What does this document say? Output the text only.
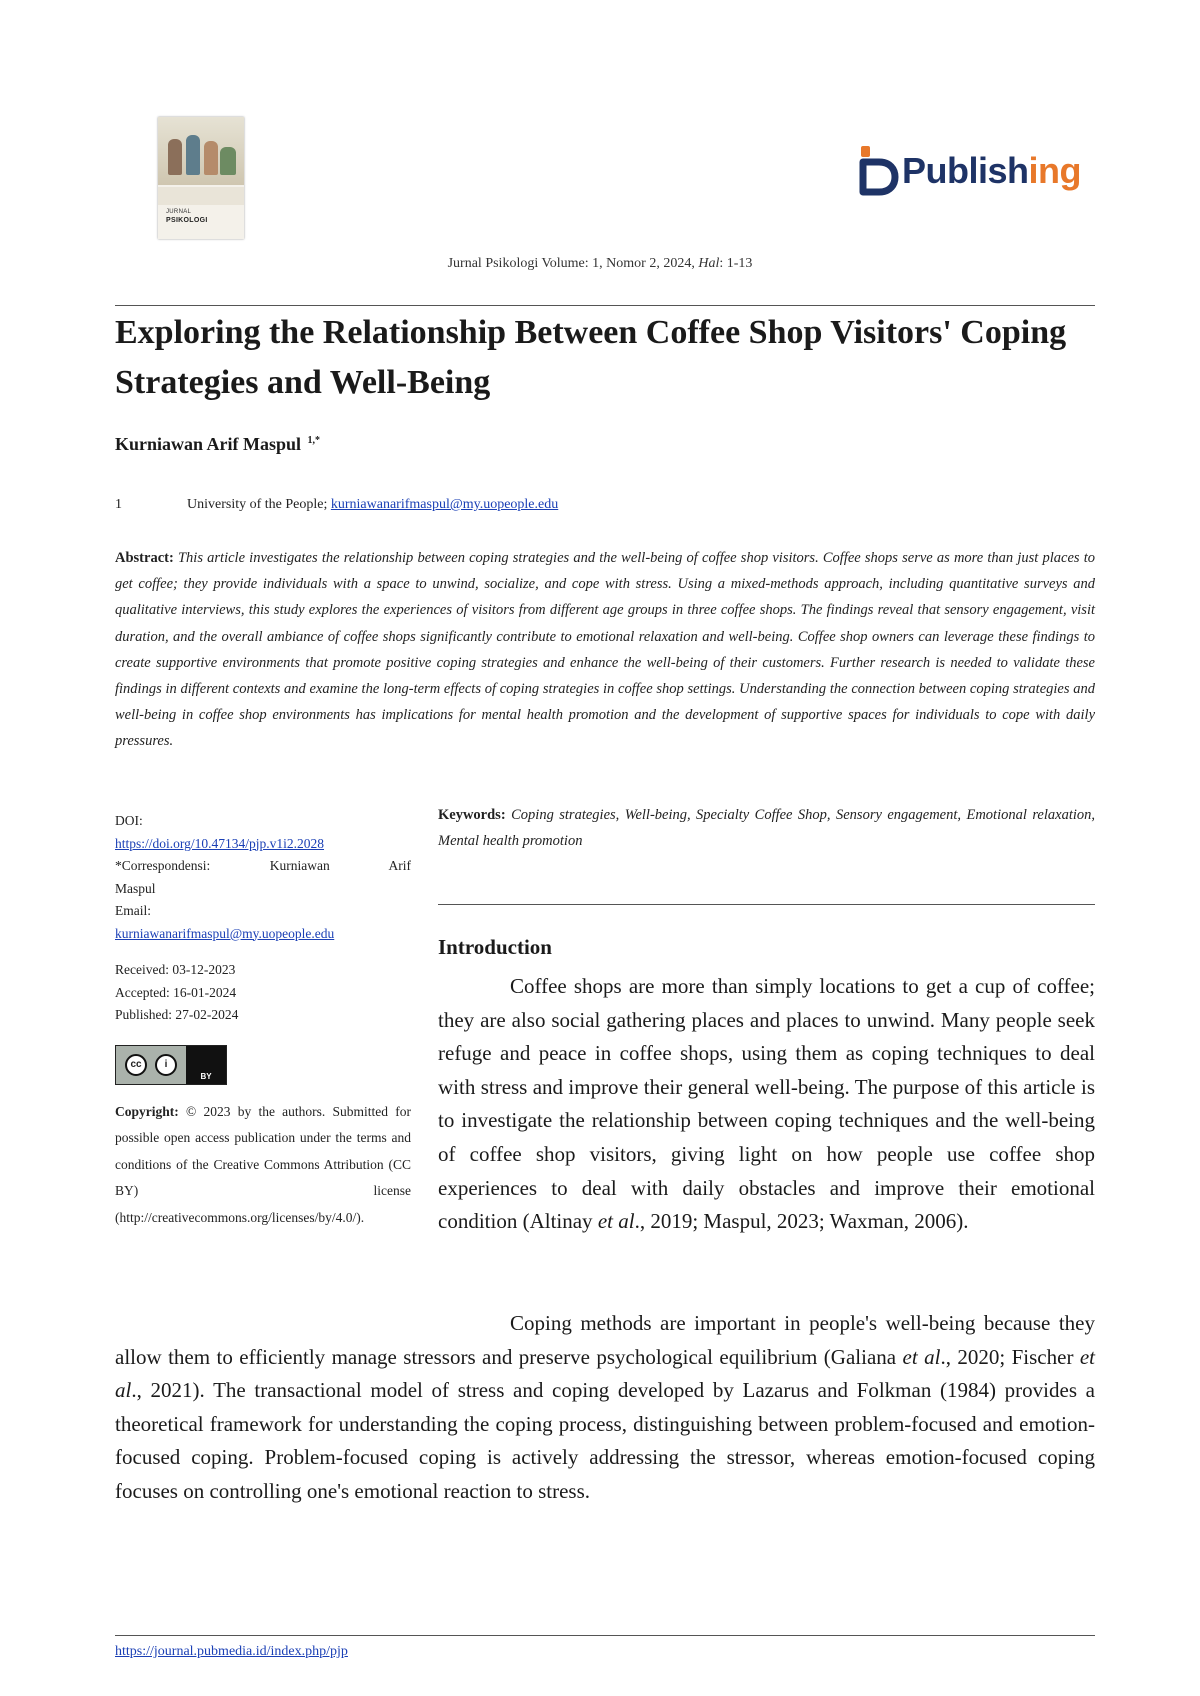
JURNAL
PSIKOLOGI
Publishing
Jurnal Psikologi Volume: 1, Nomor 2, 2024, Hal: 1-13
Exploring the Relationship Between Coffee Shop Visitors' Coping Strategies and Well-Being
Kurniawan Arif Maspul $^{1,*}$
1	University of the People; kurniawanarifmaspul@my.uopeople.edu

Abstract: This article investigates the relationship between coping strategies and the well-being of coffee shop visitors. Coffee shops serve as more than just places to get coffee; they provide individuals with a space to unwind, socialize, and cope with stress. Using a mixed-methods approach, including quantitative surveys and qualitative interviews, this study explores the experiences of visitors from different age groups in three coffee shops. The findings reveal that sensory engagement, visit duration, and the overall ambiance of coffee shops significantly contribute to emotional relaxation and well-being. Coffee shop owners can leverage these findings to create supportive environments that promote positive coping strategies and enhance the well-being of their customers. Further research is needed to validate these findings in different contexts and examine the long-term effects of coping strategies in coffee shop settings. Understanding the connection between coping strategies and well-being in coffee shop environments has implications for mental health promotion and the development of supportive spaces for individuals to cope with daily pressures.

DOI:
https://doi.org/10.47134/pjp.v1i2.2028
*Correspondensi: Kurniawan Arif
Maspul
Email:
kurniawanarifmaspul@my.uopeople.edu
Received: 03-12-2023
Accepted: 16-01-2024
Published: 27-02-2024
cc	i
BY
Copyright: © 2023 by the authors. Submitted for possible open access publication under the terms and conditions of the Creative Commons Attribution (CC BY) license (http://creativecommons.org/licenses/by/4.0/).

Keywords: Coping strategies, Well-being, Specialty Coffee Shop, Sensory engagement, Emotional relaxation, Mental health promotion

Introduction

Coffee shops are more than simply locations to get a cup of coffee; they are also social gathering places and places to unwind. Many people seek refuge and peace in coffee shops, using them as coping techniques to deal with stress and improve their general well-being. The purpose of this article is to investigate the relationship between coping techniques and the well-being of coffee shop visitors, giving light on how people use coffee shop experiences to deal with daily obstacles and improve their emotional condition (Altinay et al., 2019; Maspul, 2023; Waxman, 2006).

Coping methods are important in people's well-being because they allow them to efficiently manage stressors and preserve psychological equilibrium (Galiana et al., 2020; Fischer et al., 2021). The transactional model of stress and coping developed by Lazarus and Folkman (1984) provides a theoretical framework for understanding the coping process, distinguishing between problem-focused and emotion-focused coping. Problem-focused coping is actively addressing the stressor, whereas emotion-focused coping focuses on controlling one's emotional reaction to stress.

https://journal.pubmedia.id/index.php/pjp
